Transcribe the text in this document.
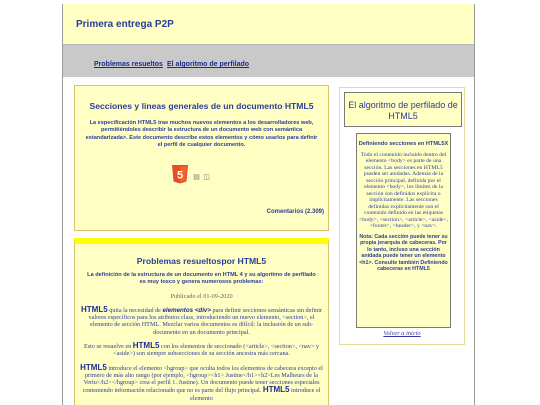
Primera entrega P2P
Problemas resueltos El algoritmo de perfilado
Secciones y lineas generales de un documento HTML5
La especificación HTML5 trae muchos nuevos elementos a los desarrolladores web, permitiéndoles describir la estructura de un documento web con semántica estandarizada>. Este documento describe estos elementos y cómo usarlos para definir el perfil de cualquier documento.
5 ▤ ◫
Comentarios (2.309)
Problemas resueltospor HTML5
La definición de la estructura de un documento en HTML 4 y su algoritmo de perfilado es muy tosco y genera numerosos problemas:
Publicado el 01-09-2020
HTML5 quita la necesidad de elementos <div> para definir secciones semánticas sin definir valores específicos para los atributos class, introduciendo un nuevo elemento, <section>, el elemento de sección HTML. Mezclar varios documentos es difícil: la inclusión de un sub-documento en un documento principal.
Esto se resuelve en HTML5 con los elementos de seccionado (<article>, <section>, <nav> y <aside>) son siempre subsecciones de su sección ancestra más cercana.
HTML5 introduce el elemento <hgroup> que oculta todos los elementos de cabecera excepto el primero de más alto rango (por ejemplo, <hgroup><h1> Justine</h1><h2>Les Malheurs de la Vertu</h2></hgroup> crea el perfil 1. Justine). Un documento puede tener secciones especiales conteniendo información relacionado que no es parte del flujo principal. HTML5 introduce el elemento
El algoritmo de perfilado de HTML5
Definiendo secciones en HTML5X
Todo el contenido incluido dentro del elemento <body> es parte de una sección. Las secciones en HTML5 pueden ser anidadas. Además de la sección principal, definida por el elemento <body>, los límites de la sección son definidos explícita o implícitamente. Las secciones definidas explícitamente son el contenido definido en las etiquetas <body>, <section>, <article>, <aside>, <footer>, <header>, y <nav>.
Nota: Cada sección puede tener su propia jerarquía de cabeceras. Por lo tanto, incluso una sección anidada puede tener un elemento <h1>. Consulte también Definiendo cabeceras en HTML5
Volver a inicio
